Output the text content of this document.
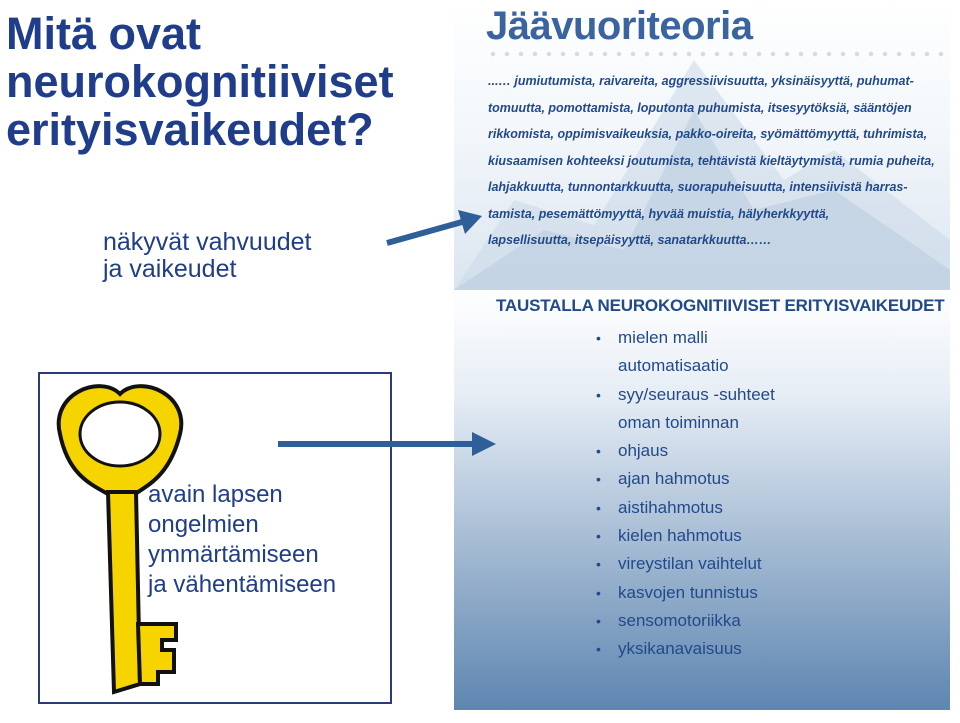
Mitä ovat neurokognitiiviset erityisvaikeudet?
näkyvät vahvuudet
ja vaikeudet
Jäävuoriteoria
...… jumiutumista, raivareita, aggressiivisuutta, yksinäisyyttä, puhumat-
tomuutta, pomottamista, loputonta puhumista, itsesyytöksiä, sääntöjen
rikkomista, oppimisvaikeuksia, pakko-oireita, syömättömyyttä, tuhrimista,
kiusaamisen kohteeksi joutumista, tehtävistä kieltäytymistä, rumia puheita,
lahjakkuutta, tunnontarkkuutta, suorapuheisuutta, intensiivistä harras-
tamista, pesemättömyyttä, hyvää muistia, hälyherkkyyttä,
lapsellisuutta, itsepäisyyttä, sanatarkkuutta……
TAUSTALLA NEUROKOGNITIIVISET ERITYISVAIKEUDET
• mielen malli
automatisaatio
• syy/seuraus -suhteet
oman toiminnan
• ohjaus
• ajan hahmotus
• aistihahmotus
• kielen hahmotus
• vireystilan vaihtelut
• kasvojen tunnistus
• sensomotoriikka
• yksikanavaisuus
avain lapsen
ongelmien
ymmärtämiseen
ja vähentämiseen
